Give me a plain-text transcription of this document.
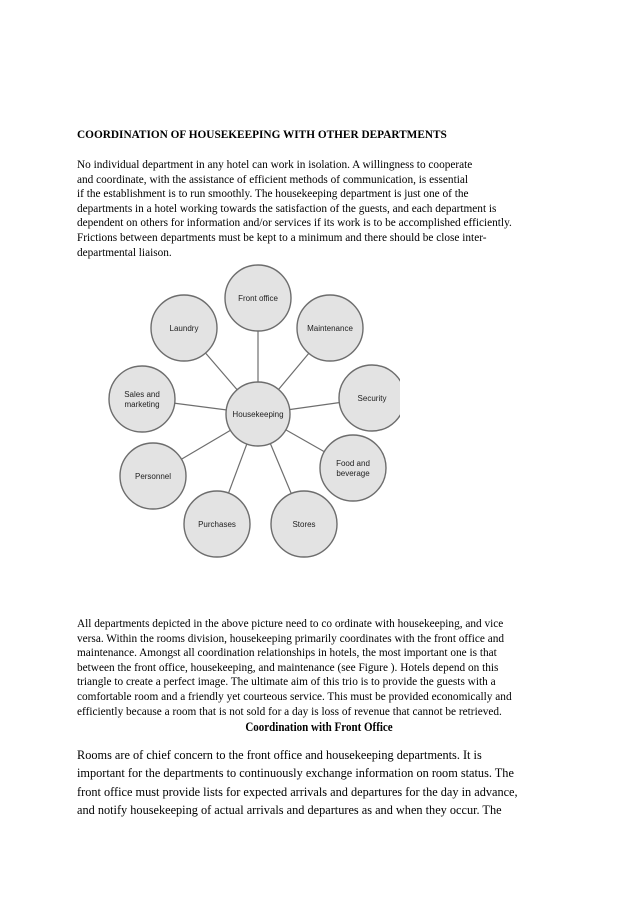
COORDINATION OF HOUSEKEEPING WITH OTHER DEPARTMENTS
No individual department in any hotel can work in isolation. A willingness to cooperate
and coordinate, with the assistance of efficient methods of communication, is essential
if the establishment is to run smoothly. The housekeeping department is just one of the
departments in a hotel working towards the satisfaction of the guests, and each department is
dependent on others for information and/or services if its work is to be accomplished efficiently.
Frictions between departments must be kept to a minimum and there should be close inter-
departmental liaison.
Front office
Maintenance
Security
Food and beverage
Stores
Purchases
Personnel
Sales and marketing
Laundry
Housekeeping
All departments depicted in the above picture need to co ordinate with housekeeping, and vice
versa. Within the rooms division, housekeeping primarily coordinates with the front office and
maintenance. Amongst all coordination relationships in hotels, the most important one is that
between the front office, housekeeping, and maintenance (see Figure ). Hotels depend on this
triangle to create a perfect image. The ultimate aim of this trio is to provide the guests with a
comfortable room and a friendly yet courteous service. This must be provided economically and
efficiently because a room that is not sold for a day is loss of revenue that cannot be retrieved.
Coordination with Front Office
Rooms are of chief concern to the front office and housekeeping departments. It is
important for the departments to continuously exchange information on room status. The
front office must provide lists for expected arrivals and departures for the day in advance,
and notify housekeeping of actual arrivals and departures as and when they occur. The
